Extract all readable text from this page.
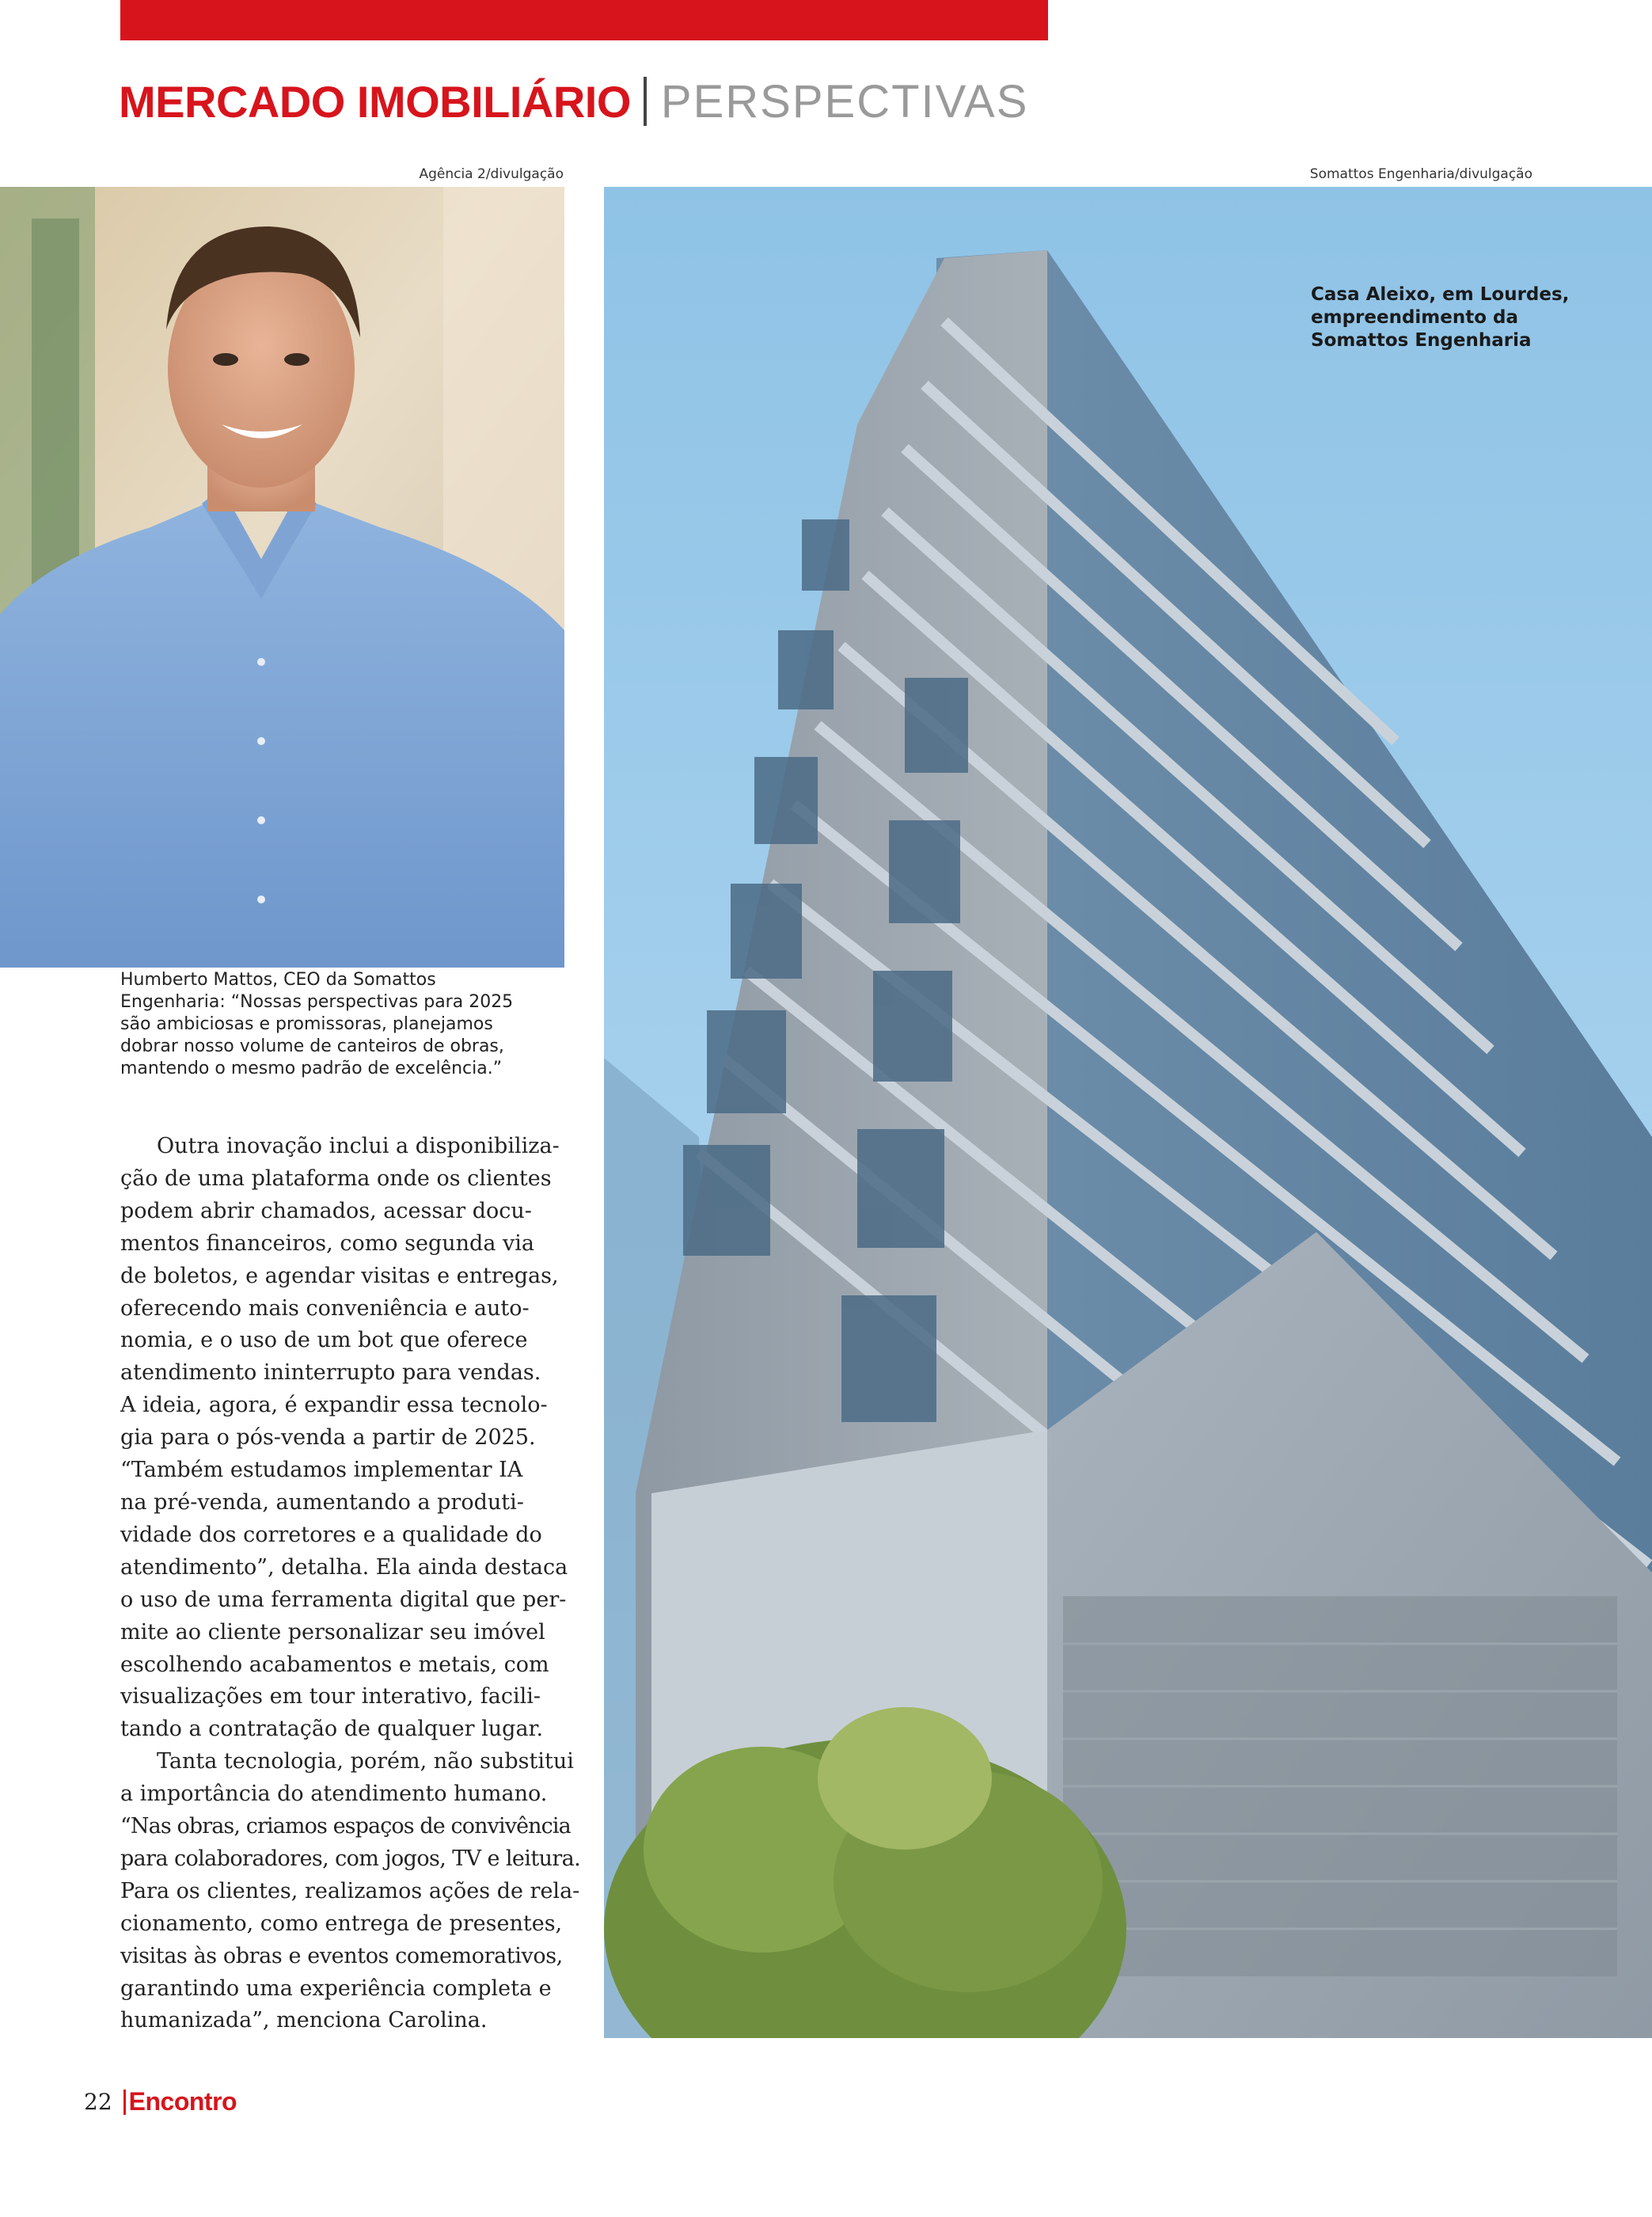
MERCADO IMOBILIÁRIO PERSPECTIVAS
Agência 2/divulgação	Somattos Engenharia/divulgação
Humberto Mattos, CEO da Somattos
Engenharia: “Nossas perspectivas para 2025
são ambiciosas e promissoras, planejamos
dobrar nosso volume de canteiros de obras,
mantendo o mesmo padrão de excelência.”
Casa Aleixo, em Lourdes,
empreendimento da
Somattos Engenharia
Outra inovação inclui a disponibiliza-
ção de uma plataforma onde os clientes
podem abrir chamados, acessar docu-
mentos financeiros, como segunda via
de boletos, e agendar visitas e entregas,
oferecendo mais conveniência e auto-
nomia, e o uso de um bot que oferece
atendimento ininterrupto para vendas.
A ideia, agora, é expandir essa tecnolo-
gia para o pós-venda a partir de 2025.
“Também estudamos implementar IA
na pré-venda, aumentando a produti-
vidade dos corretores e a qualidade do
atendimento”, detalha. Ela ainda destaca
o uso de uma ferramenta digital que per-
mite ao cliente personalizar seu imóvel
escolhendo acabamentos e metais, com
visualizações em tour interativo, facili-
tando a contratação de qualquer lugar.
Tanta tecnologia, porém, não substitui
a importância do atendimento humano.
“Nas obras, criamos espaços de convivência
para colaboradores, com jogos, TV e leitura.
Para os clientes, realizamos ações de rela-
cionamento, como entrega de presentes,
visitas às obras e eventos comemorativos,
garantindo uma experiência completa e
humanizada”, menciona Carolina.
22 Encontro
